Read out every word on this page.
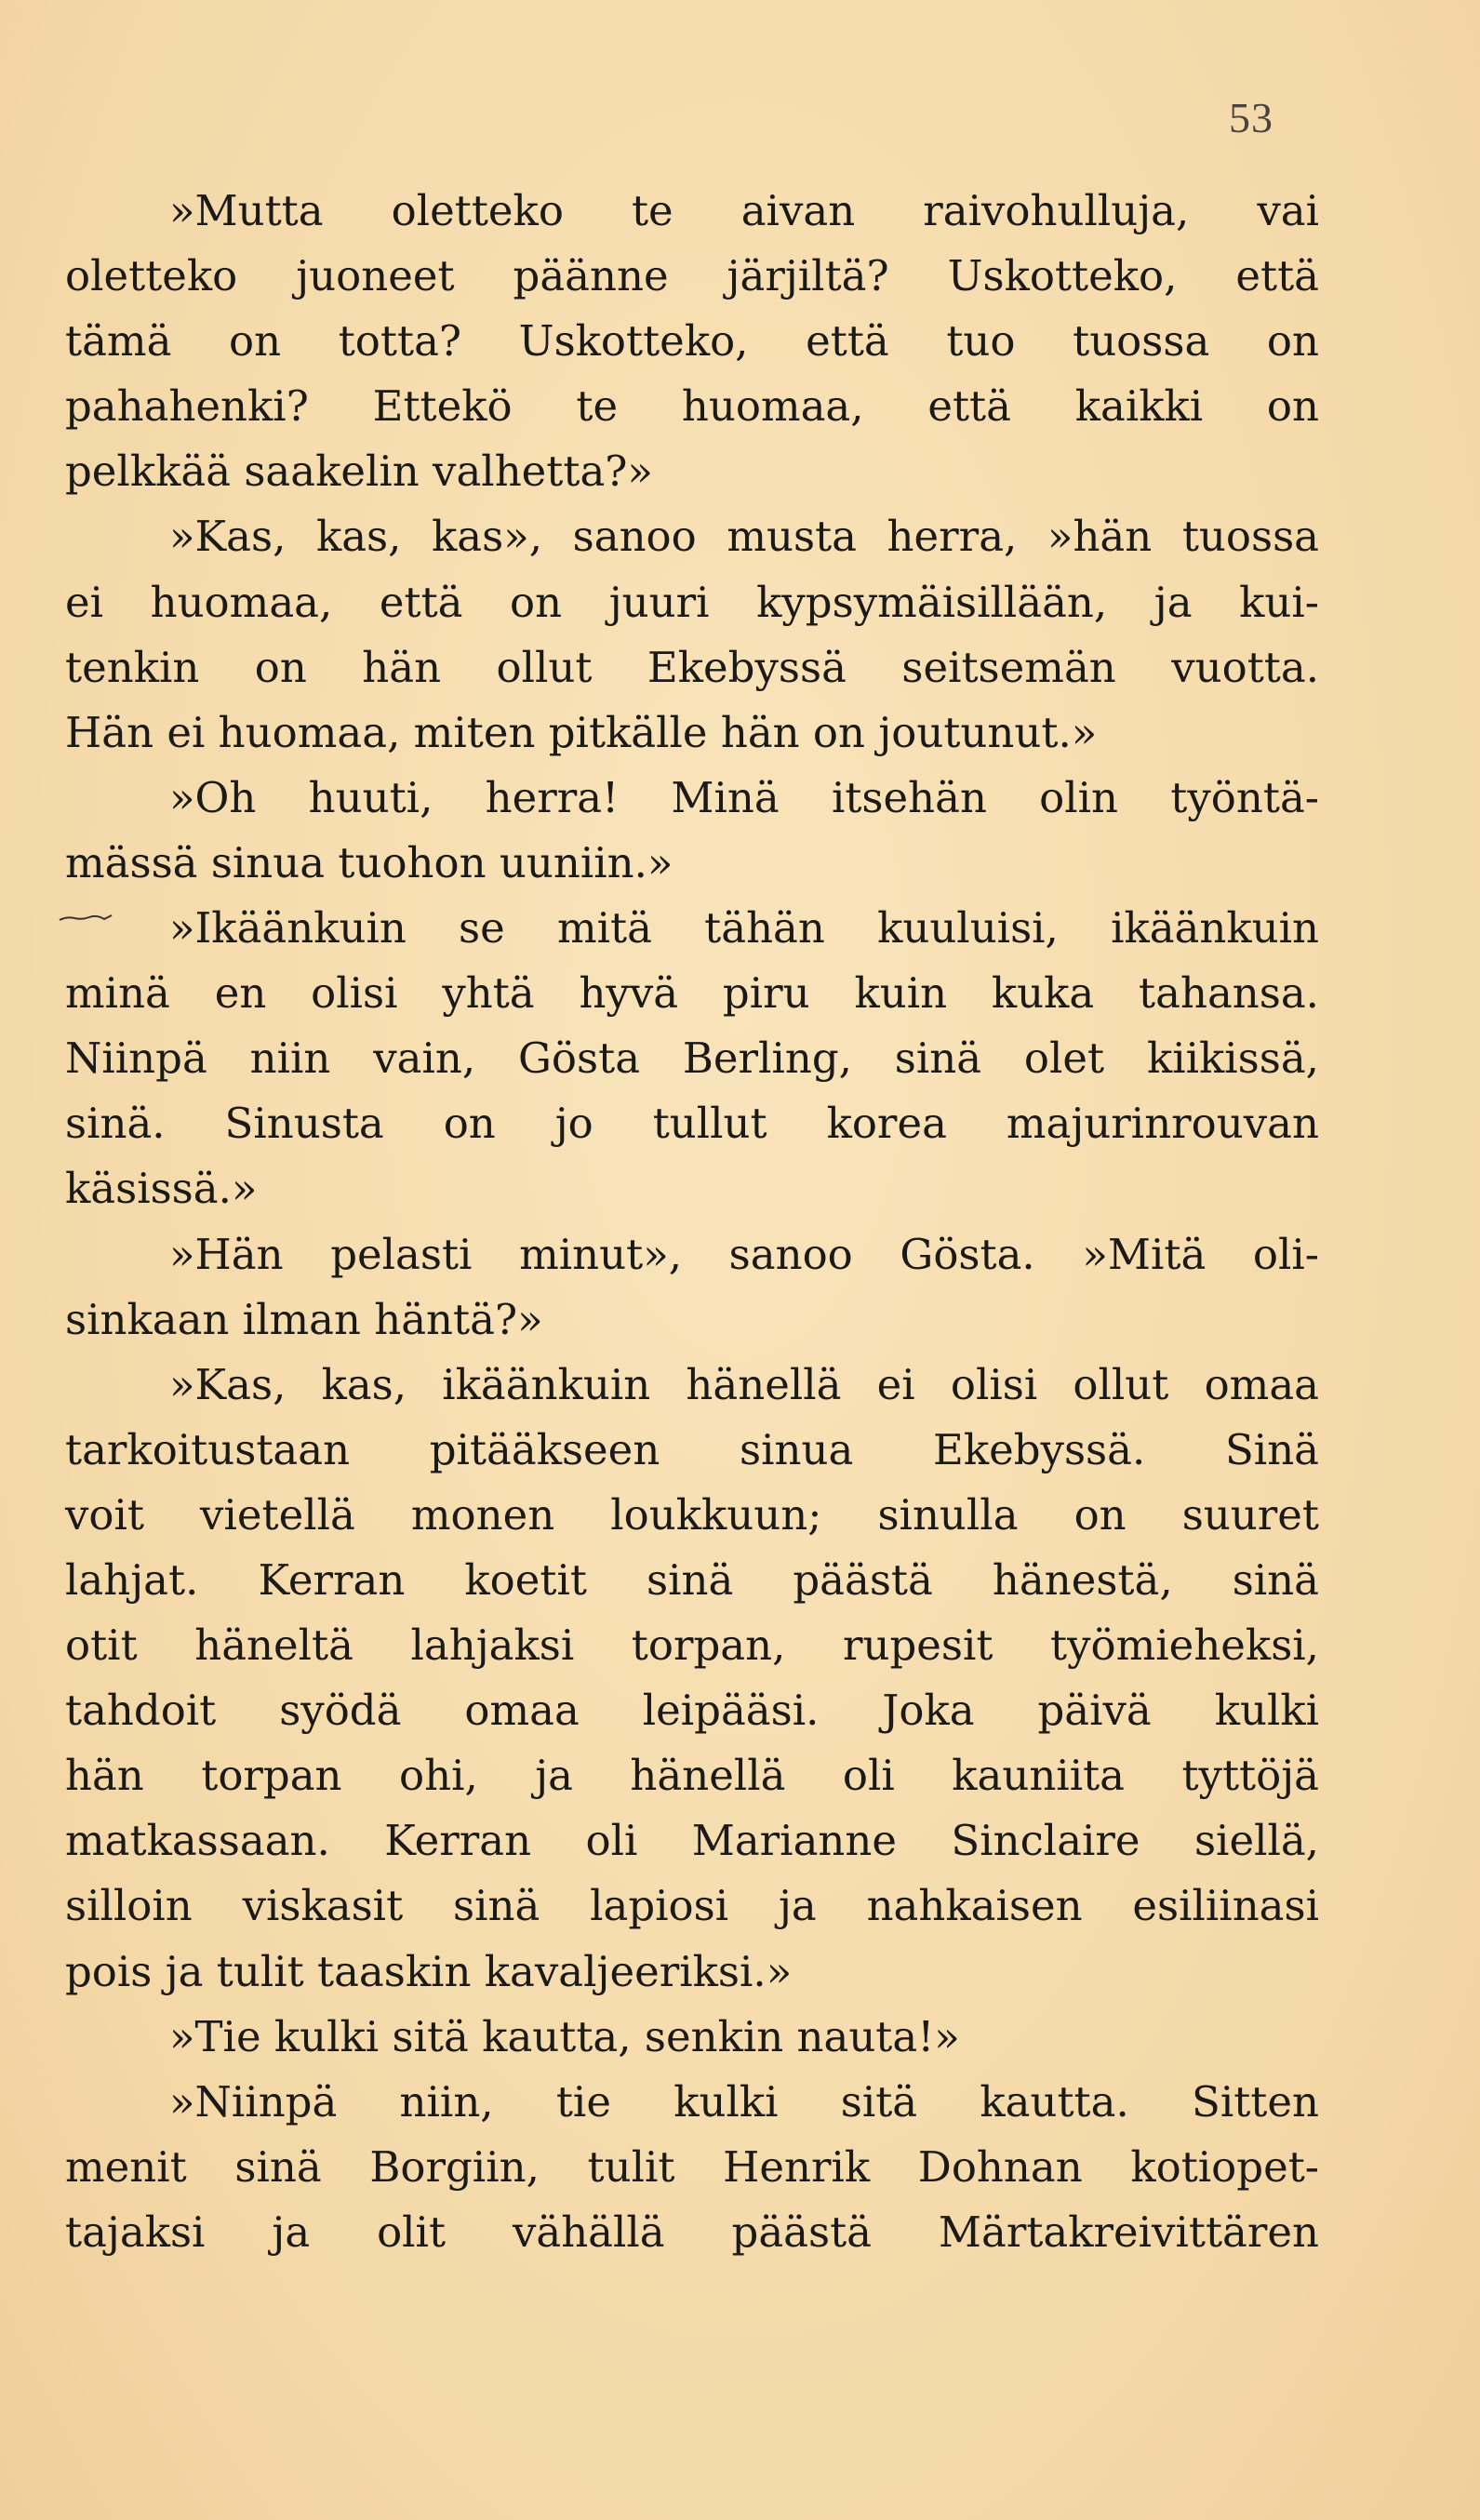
53
»Mutta oletteko te aivan raivohulluja, vai
oletteko juoneet päänne järjiltä? Uskotteko, että
tämä on totta? Uskotteko, että tuo tuossa on
pahahenki? Ettekö te huomaa, että kaikki on
pelkkää saakelin valhetta?»
»Kas, kas, kas», sanoo musta herra, »hän tuossa
ei huomaa, että on juuri kypsymäisillään, ja kui-
tenkin on hän ollut Ekebyssä seitsemän vuotta.
Hän ei huomaa, miten pitkälle hän on joutunut.»
»Oh huuti, herra! Minä itsehän olin työntä-
mässä sinua tuohon uuniin.»
»Ikäänkuin se mitä tähän kuuluisi, ikäänkuin
minä en olisi yhtä hyvä piru kuin kuka tahansa.
Niinpä niin vain, Gösta Berling, sinä olet kiikissä,
sinä. Sinusta on jo tullut korea majurinrouvan
käsissä.»
»Hän pelasti minut», sanoo Gösta. »Mitä oli-
sinkaan ilman häntä?»
»Kas, kas, ikäänkuin hänellä ei olisi ollut omaa
tarkoitustaan pitääkseen sinua Ekebyssä. Sinä
voit vietellä monen loukkuun; sinulla on suuret
lahjat. Kerran koetit sinä päästä hänestä, sinä
otit häneltä lahjaksi torpan, rupesit työmieheksi,
tahdoit syödä omaa leipääsi. Joka päivä kulki
hän torpan ohi, ja hänellä oli kauniita tyttöjä
matkassaan. Kerran oli Marianne Sinclaire siellä,
silloin viskasit sinä lapiosi ja nahkaisen esiliinasi
pois ja tulit taaskin kavaljeeriksi.»
»Tie kulki sitä kautta, senkin nauta!»
»Niinpä niin, tie kulki sitä kautta. Sitten
menit sinä Borgiin, tulit Henrik Dohnan kotiopet-
tajaksi ja olit vähällä päästä Märtakreivittären
